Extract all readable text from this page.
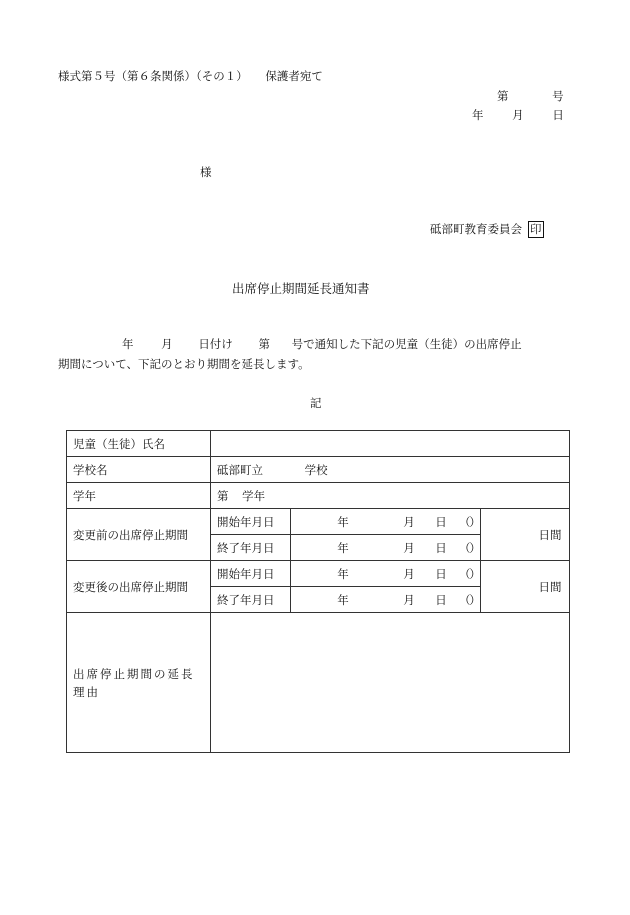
様式第５号（第６条関係）（その１） 保護者宛て
第	号
年 月 日
様
砥部町教育委員会 印
出席停止期間延長通知書
年 月 日付け 第 号で通知した下記の児童（生徒）の出席停止
期間について、下記のとおり期間を延長します。
記
児童（生徒）氏名			
学校名	砥部町立 学校		
学年	第 学年		
変更前の出席停止期間	開始年月日	年 月 日 （）	日間
	終了年月日	年 月 日 （）	
変更後の出席停止期間	開始年月日	年 月 日 （）	日間
	終了年月日	年 月 日 （）	
出席停止期間の延長理由			
